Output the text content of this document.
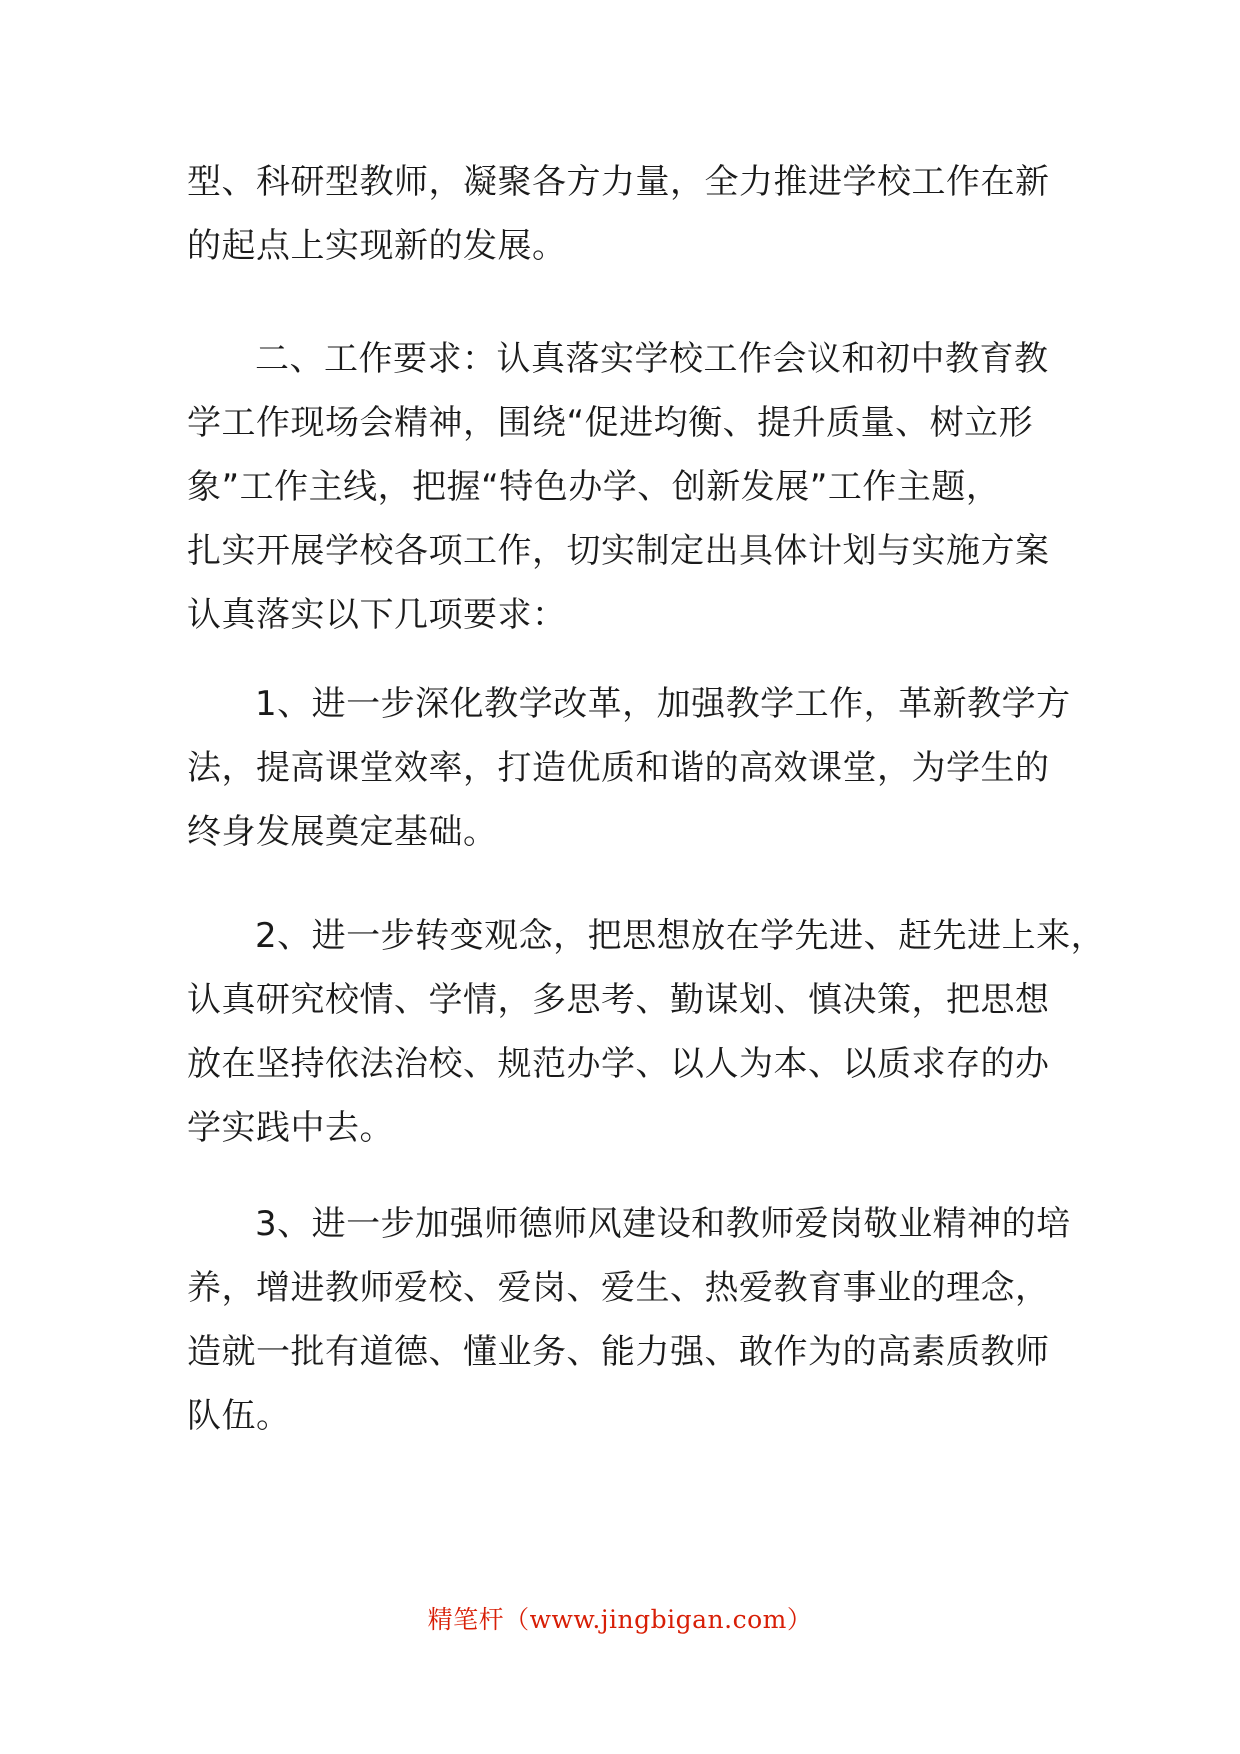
型、科研型教师，凝聚各方力量，全力推进学校工作在新
的起点上实现新的发展。

二、工作要求：认真落实学校工作会议和初中教育教
学工作现场会精神，围绕“促进均衡、提升质量、树立形
象”工作主线，把握“特色办学、创新发展”工作主题，
扎实开展学校各项工作，切实制定出具体计划与实施方案
认真落实以下几项要求：

1、进一步深化教学改革，加强教学工作，革新教学方
法，提高课堂效率，打造优质和谐的高效课堂，为学生的
终身发展奠定基础。

2、进一步转变观念，把思想放在学先进、赶先进上来，
认真研究校情、学情，多思考、勤谋划、慎决策，把思想
放在坚持依法治校、规范办学、以人为本、以质求存的办
学实践中去。

3、进一步加强师德师风建设和教师爱岗敬业精神的培
养，增进教师爱校、爱岗、爱生、热爱教育事业的理念，
造就一批有道德、懂业务、能力强、敢作为的高素质教师
队伍。

精笔杆（www.jingbigan.com）
